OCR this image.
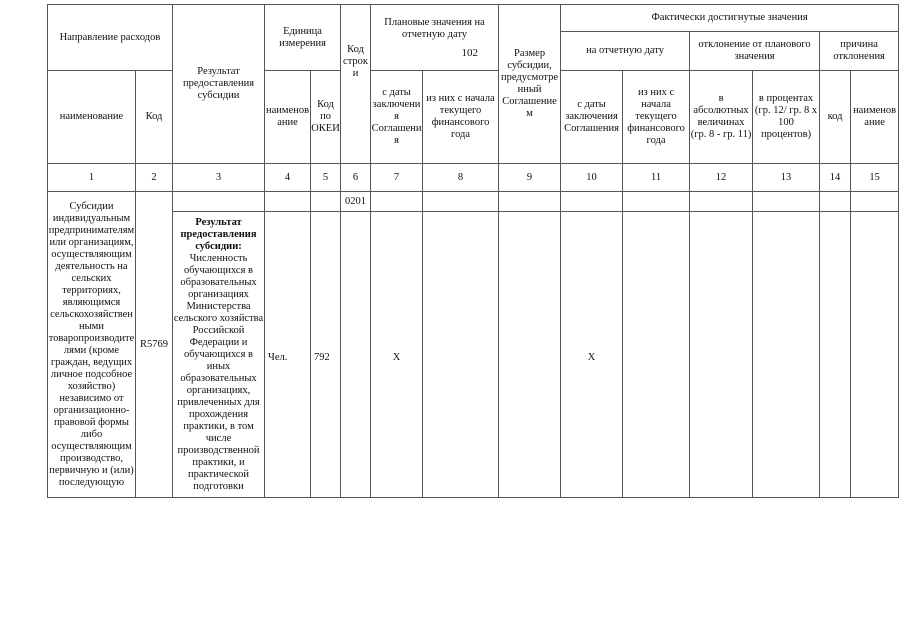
Направление расходов		Результат предоставления субсидии	Единица измерения		Код строки	Плановые значения на отчетную дату
102		Размер субсидии, предусмотренный Соглашением	Фактически достигнутые значения					
									на отчетную дату		отклонение от планового значения		причина отклонения	
наименование	Код		наименование	Код по ОКЕИ		с даты заключения Соглашения	из них с начала текущего финансового года		с даты заключения Соглашения	из них с начала текущего финансового года	в абсолютных величинах (гр. 8 - гр. 11)	в процентах (гр. 12/ гр. 8 х 100 процентов)	код	наименование
1	2	3	4	5	6	7	8	9	10	11	12	13	14	15
Субсидии индивидуальным предпринимателям или организациям, осуществляющим деятельность на сельских территориях, являющимся сельскохозяйственными товаропроизводителями (кроме граждан, ведущих личное подсобное хозяйство) независимо от организационно-правовой формы либо осуществляющим производство, первичную и (или) последующую	R5769				0201									
		Результат предоставления субсидии:
Численность обучающихся в образовательных организациях Министерства сельского хозяйства Российской Федерации и обучающихся в иных образовательных организациях, привлеченных для прохождения практики, в том числе производственной практики, и практической подготовки	Чел.	792		X			X					
